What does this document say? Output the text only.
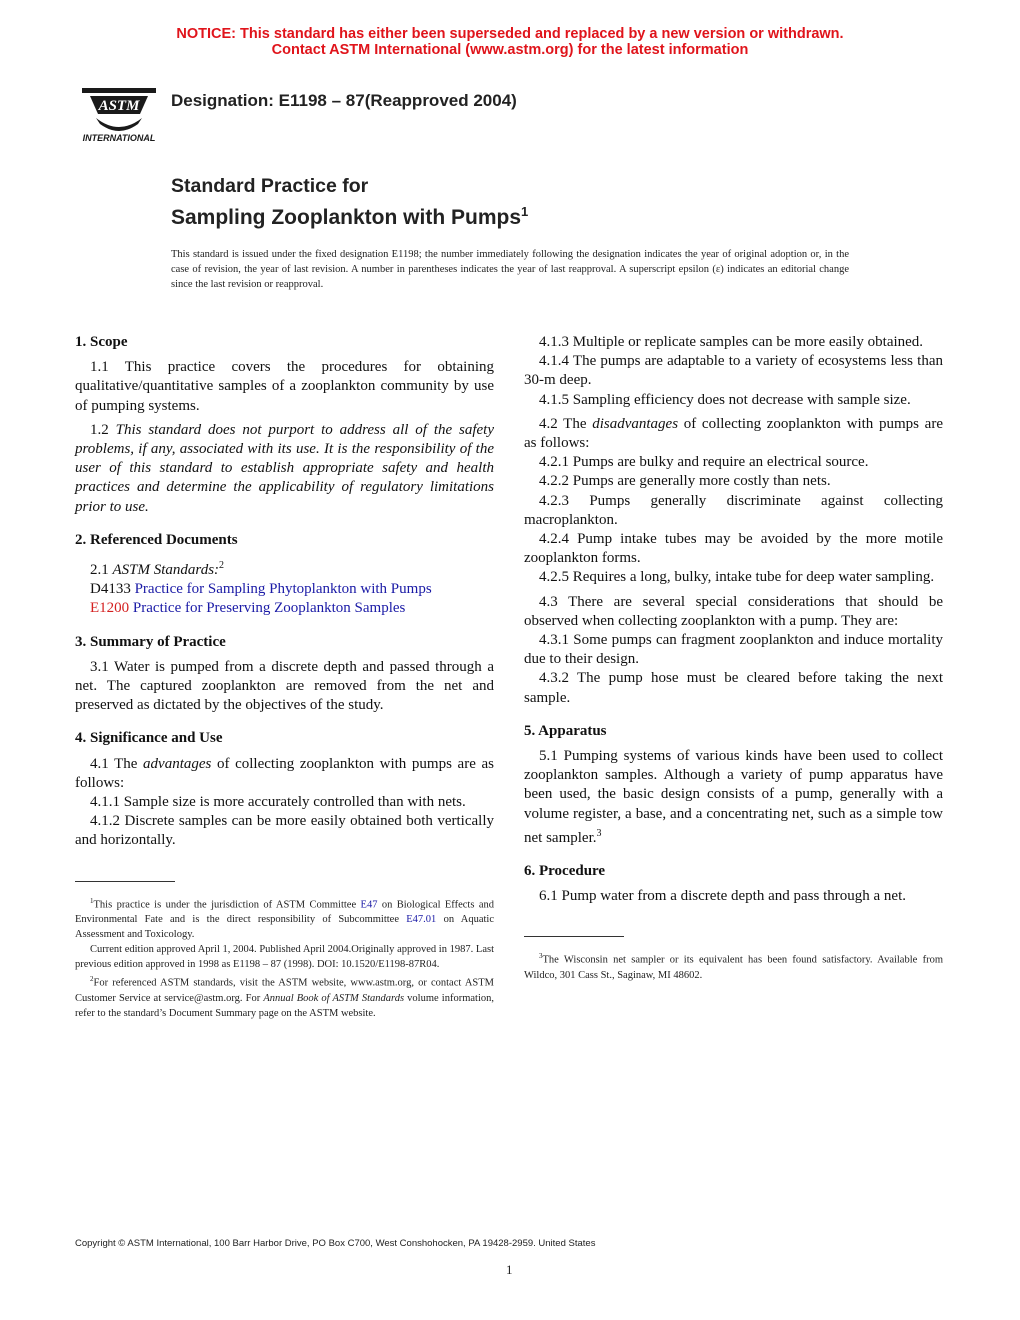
NOTICE: This standard has either been superseded and replaced by a new version or withdrawn.
Contact ASTM International (www.astm.org) for the latest information
ASTM
INTERNATIONAL
Designation: E1198 – 87(Reapproved 2004)
Standard Practice for
Sampling Zooplankton with Pumps$^1$
This standard is issued under the fixed designation E1198; the number immediately following the designation indicates the year of original adoption or, in the case of revision, the year of last revision. A number in parentheses indicates the year of last reapproval. A superscript epsilon (ε) indicates an editorial change since the last revision or reapproval.
1. Scope

1.1 This practice covers the procedures for obtaining qualitative/quantitative samples of a zooplankton community by use of pumping systems.

1.2 This standard does not purport to address all of the safety problems, if any, associated with its use. It is the responsibility of the user of this standard to establish appropriate safety and health practices and determine the applicability of regulatory limitations prior to use.

2. Referenced Documents

2.1 ASTM Standards:$^2$

D4133 Practice for Sampling Phytoplankton with Pumps

E1200 Practice for Preserving Zooplankton Samples

3. Summary of Practice

3.1 Water is pumped from a discrete depth and passed through a net. The captured zooplankton are removed from the net and preserved as dictated by the objectives of the study.

4. Significance and Use

4.1 The advantages of collecting zooplankton with pumps are as follows:

4.1.1 Sample size is more accurately controlled than with nets.

4.1.2 Discrete samples can be more easily obtained both vertically and horizontally.

$^1$This practice is under the jurisdiction of ASTM Committee E47 on Biological Effects and Environmental Fate and is the direct responsibility of Subcommittee E47.01 on Aquatic Assessment and Toxicology.

Current edition approved April 1, 2004. Published April 2004.Originally approved in 1987. Last previous edition approved in 1998 as E1198 – 87 (1998). DOI: 10.1520/E1198-87R04.

$^2$For referenced ASTM standards, visit the ASTM website, www.astm.org, or contact ASTM Customer Service at service@astm.org. For Annual Book of ASTM Standards volume information, refer to the standard’s Document Summary page on the ASTM website.

4.1.3 Multiple or replicate samples can be more easily obtained.

4.1.4 The pumps are adaptable to a variety of ecosystems less than 30-m deep.

4.1.5 Sampling efficiency does not decrease with sample size.

4.2 The disadvantages of collecting zooplankton with pumps are as follows:

4.2.1 Pumps are bulky and require an electrical source.

4.2.2 Pumps are generally more costly than nets.

4.2.3 Pumps generally discriminate against collecting macroplankton.

4.2.4 Pump intake tubes may be avoided by the more motile zooplankton forms.

4.2.5 Requires a long, bulky, intake tube for deep water sampling.

4.3 There are several special considerations that should be observed when collecting zooplankton with a pump. They are:

4.3.1 Some pumps can fragment zooplankton and induce mortality due to their design.

4.3.2 The pump hose must be cleared before taking the next sample.

5. Apparatus

5.1 Pumping systems of various kinds have been used to collect zooplankton samples. Although a variety of pump apparatus have been used, the basic design consists of a pump, generally with a volume register, a base, and a concentrating net, such as a simple tow net sampler.$^3$

6. Procedure

6.1 Pump water from a discrete depth and pass through a net.

$^3$The Wisconsin net sampler or its equivalent has been found satisfactory. Available from Wildco, 301 Cass St., Saginaw, MI 48602.

Copyright © ASTM International, 100 Barr Harbor Drive, PO Box C700, West Conshohocken, PA 19428-2959. United States
1
